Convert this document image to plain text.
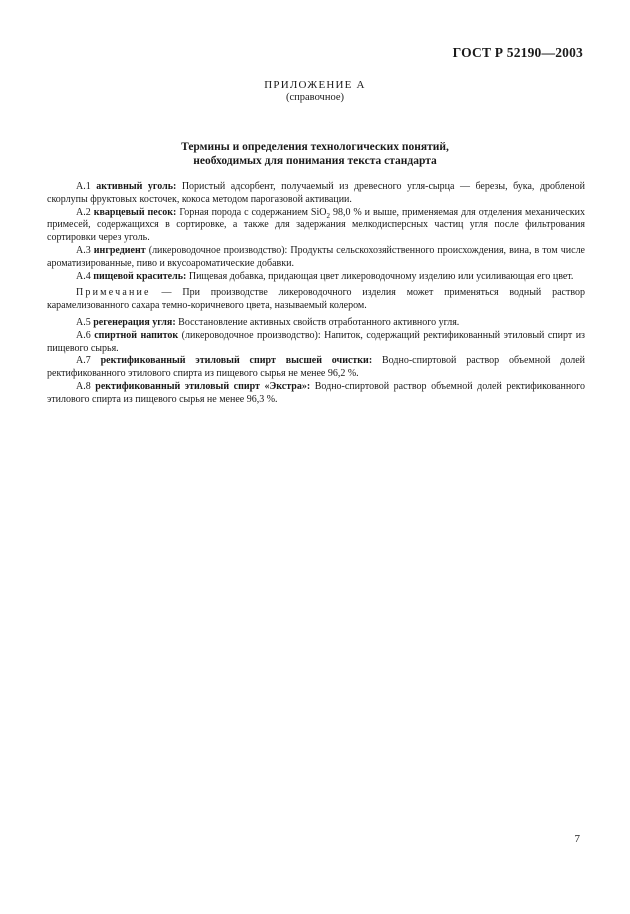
ГОСТ Р 52190—2003
ПРИЛОЖЕНИЕ А
(справочное)
Термины и определения технологических понятий,
необходимых для понимания текста стандарта

А.1 активный уголь: Пористый адсорбент, получаемый из древесного угля-сырца — березы, бука, дробленой скорлупы фруктовых косточек, кокоса методом парогазовой активации.

А.2 кварцевый песок: Горная порода с содержанием SiO$_2$ 98,0 % и выше, применяемая для отделения механических примесей, содержащихся в сортировке, а также для задержания мелкодисперсных частиц угля после фильтрования сортировки через уголь.

А.3 ингредиент (ликероводочное производство): Продукты сельскохозяйственного происхождения, вина, в том числе ароматизированные, пиво и вкусоароматические добавки.

А.4 пищевой краситель: Пищевая добавка, придающая цвет ликероводочному изделию или усиливающая его цвет.

Примечание — При производстве ликероводочного изделия может применяться водный раствор карамелизованного сахара темно-коричневого цвета, называемый колером.

А.5 регенерация угля: Восстановление активных свойств отработанного активного угля.

А.6 спиртной напиток (ликероводочное производство): Напиток, содержащий ректификованный этиловый спирт из пищевого сырья.

А.7 ректификованный этиловый спирт высшей очистки: Водно-спиртовой раствор объемной долей ректификованного этилового спирта из пищевого сырья не менее 96,2 %.

А.8 ректификованный этиловый спирт «Экстра»: Водно-спиртовой раствор объемной долей ректификованного этилового спирта из пищевого сырья не менее 96,3 %.

7
